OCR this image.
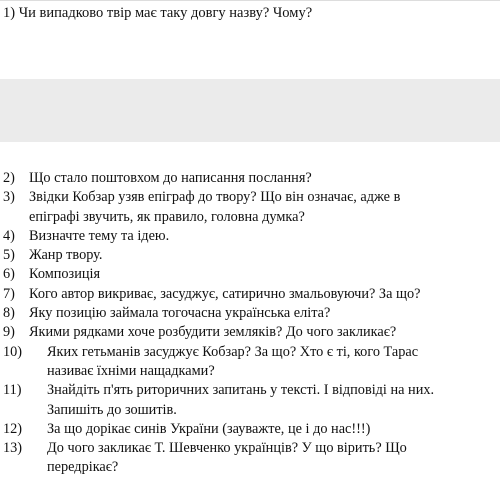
1) Чи випадково твір має таку довгу назву? Чому?
2) Що стало поштовхом до написання послання?
3) Звідки Кобзар узяв епіграф до твору? Що він означає, адже в
епіграфі звучить, як правило, головна думка?
4) Визначте тему та ідею.
5) Жанр твору.
6) Композиція
7) Кого автор викриває, засуджує, сатирично змальовуючи? За що?
8) Яку позицію займала тогочасна українська еліта?
9) Якими рядками хоче розбудити земляків? До чого закликає?
10)	Яких гетьманів засуджує Кобзар? За що? Хто є ті, кого Тарас
називає їхніми нащадками?
11)	Знайдіть п'ять риторичних запитань у тексті. І відповіді на них.
Запишіть до зошитів.
12)	За що дорікає синів України (зауважте, це і до нас!!!)
13)	До чого закликає Т. Шевченко українців? У що вірить? Що
передрікає?
